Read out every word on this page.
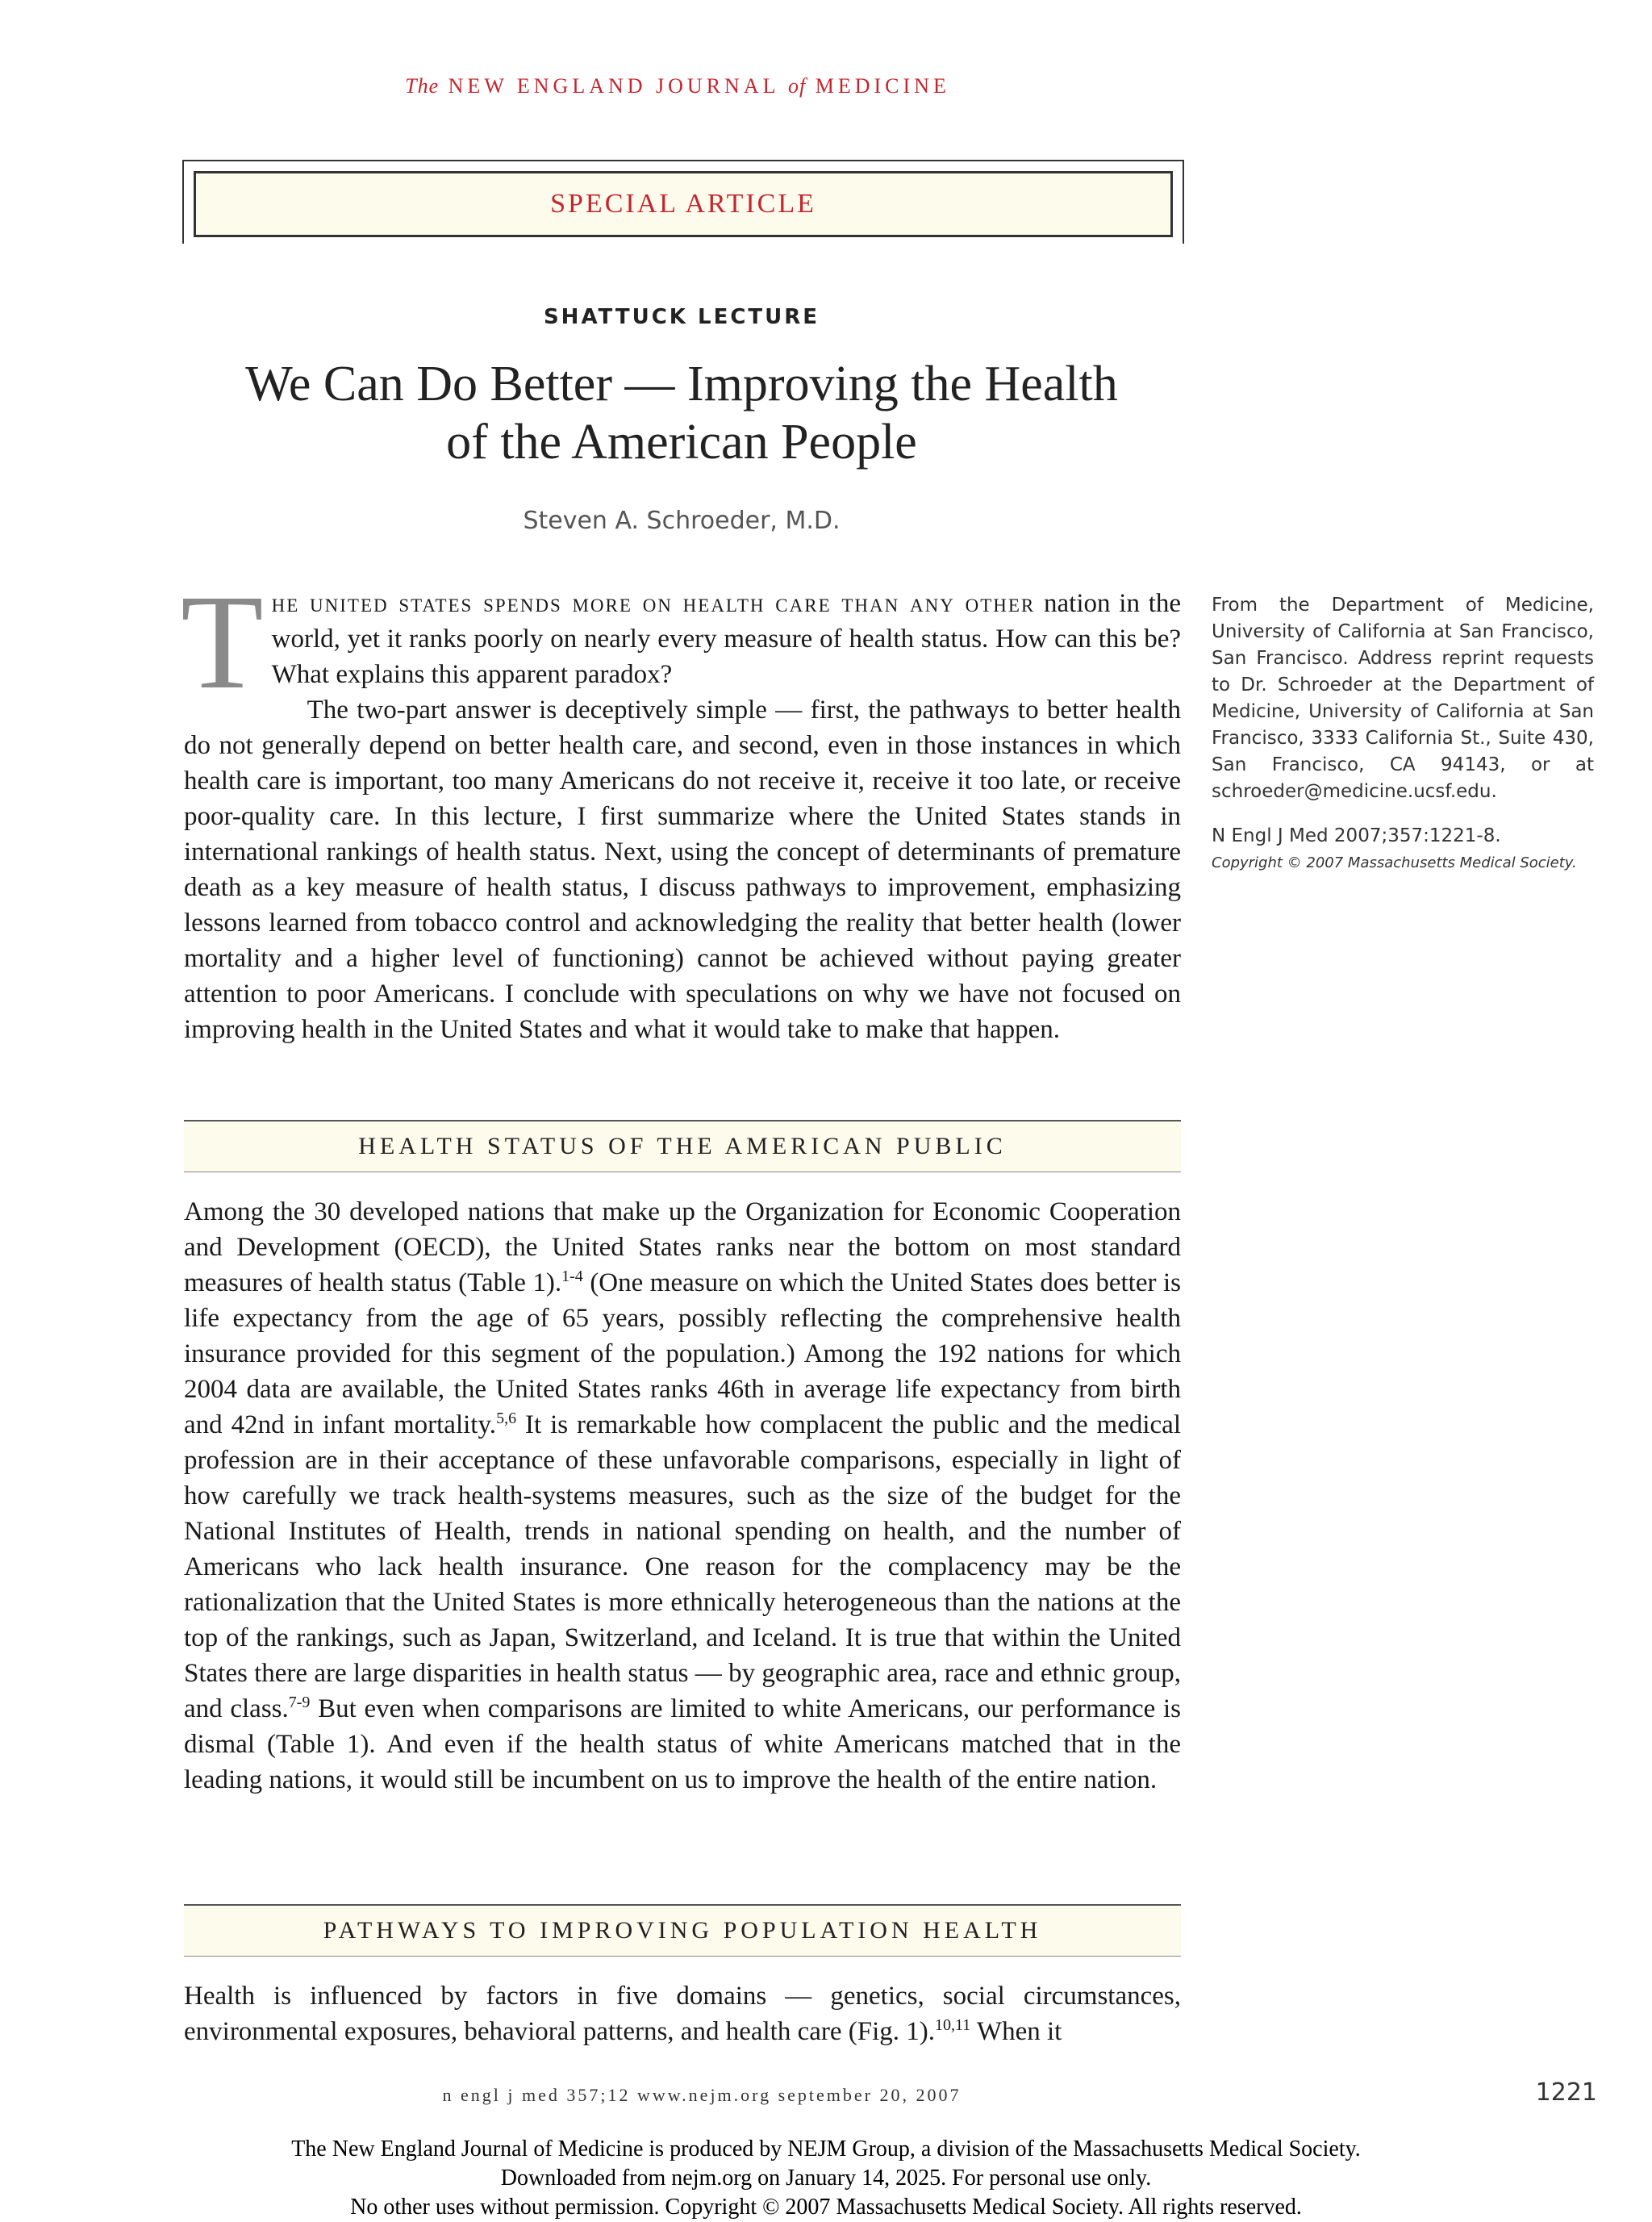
The NEW ENGLAND JOURNAL of MEDICINE
SPECIAL ARTICLE
SHATTUCK LECTURE
We Can Do Better — Improving the Health
of the American People
Steven A. Schroeder, M.D.

The united states spends more on health care than any other nation in the world, yet it ranks poorly on nearly every measure of health status. How can this be? What explains this apparent paradox?

The two-part answer is deceptively simple — first, the pathways to better health do not generally depend on better health care, and second, even in those instances in which health care is important, too many Americans do not receive it, receive it too late, or receive poor-quality care. In this lecture, I first summarize where the United States stands in international rankings of health status. Next, using the concept of determinants of premature death as a key measure of health status, I discuss pathways to improvement, emphasizing lessons learned from tobacco control and acknowledging the reality that better health (lower mortality and a higher level of functioning) cannot be achieved without paying greater attention to poor Americans. I conclude with speculations on why we have not focused on improving health in the United States and what it would take to make that happen.

From the Department of Medicine, University of California at San Francisco, San Francisco. Address reprint requests to Dr. Schroeder at the Department of Medicine, University of California at San Francisco, 3333 California St., Suite 430, San Francisco, CA 94143, or at schroeder@medicine.ucsf.edu.

N Engl J Med 2007;357:1221-8.

Copyright © 2007 Massachusetts Medical Society.

HEALTH STATUS OF THE AMERICAN PUBLIC

Among the 30 developed nations that make up the Organization for Economic Cooperation and Development (OECD), the United States ranks near the bottom on most standard measures of health status (Table 1).$^{1-4}$ (One measure on which the United States does better is life expectancy from the age of 65 years, possibly reflecting the comprehensive health insurance provided for this segment of the population.) Among the 192 nations for which 2004 data are available, the United States ranks 46th in average life expectancy from birth and 42nd in infant mortality.$^{5,6}$ It is remarkable how complacent the public and the medical profession are in their acceptance of these unfavorable comparisons, especially in light of how carefully we track health-systems measures, such as the size of the budget for the National Institutes of Health, trends in national spending on health, and the number of Americans who lack health insurance. One reason for the complacency may be the rationalization that the United States is more ethnically heterogeneous than the nations at the top of the rankings, such as Japan, Switzerland, and Iceland. It is true that within the United States there are large disparities in health status — by geographic area, race and ethnic group, and class.$^{7-9}$ But even when comparisons are limited to white Americans, our performance is dismal (Table 1). And even if the health status of white Americans matched that in the leading nations, it would still be incumbent on us to improve the health of the entire nation.

PATHWAYS TO IMPROVING POPULATION HEALTH

Health is influenced by factors in five domains — genetics, social circumstances, environmental exposures, behavioral patterns, and health care (Fig. 1).$^{10,11}$ When it

n engl j med 357;12 www.nejm.org september 20, 2007	1221
The New England Journal of Medicine is produced by NEJM Group, a division of the Massachusetts Medical Society.
Downloaded from nejm.org on January 14, 2025. For personal use only.
No other uses without permission. Copyright © 2007 Massachusetts Medical Society. All rights reserved.
